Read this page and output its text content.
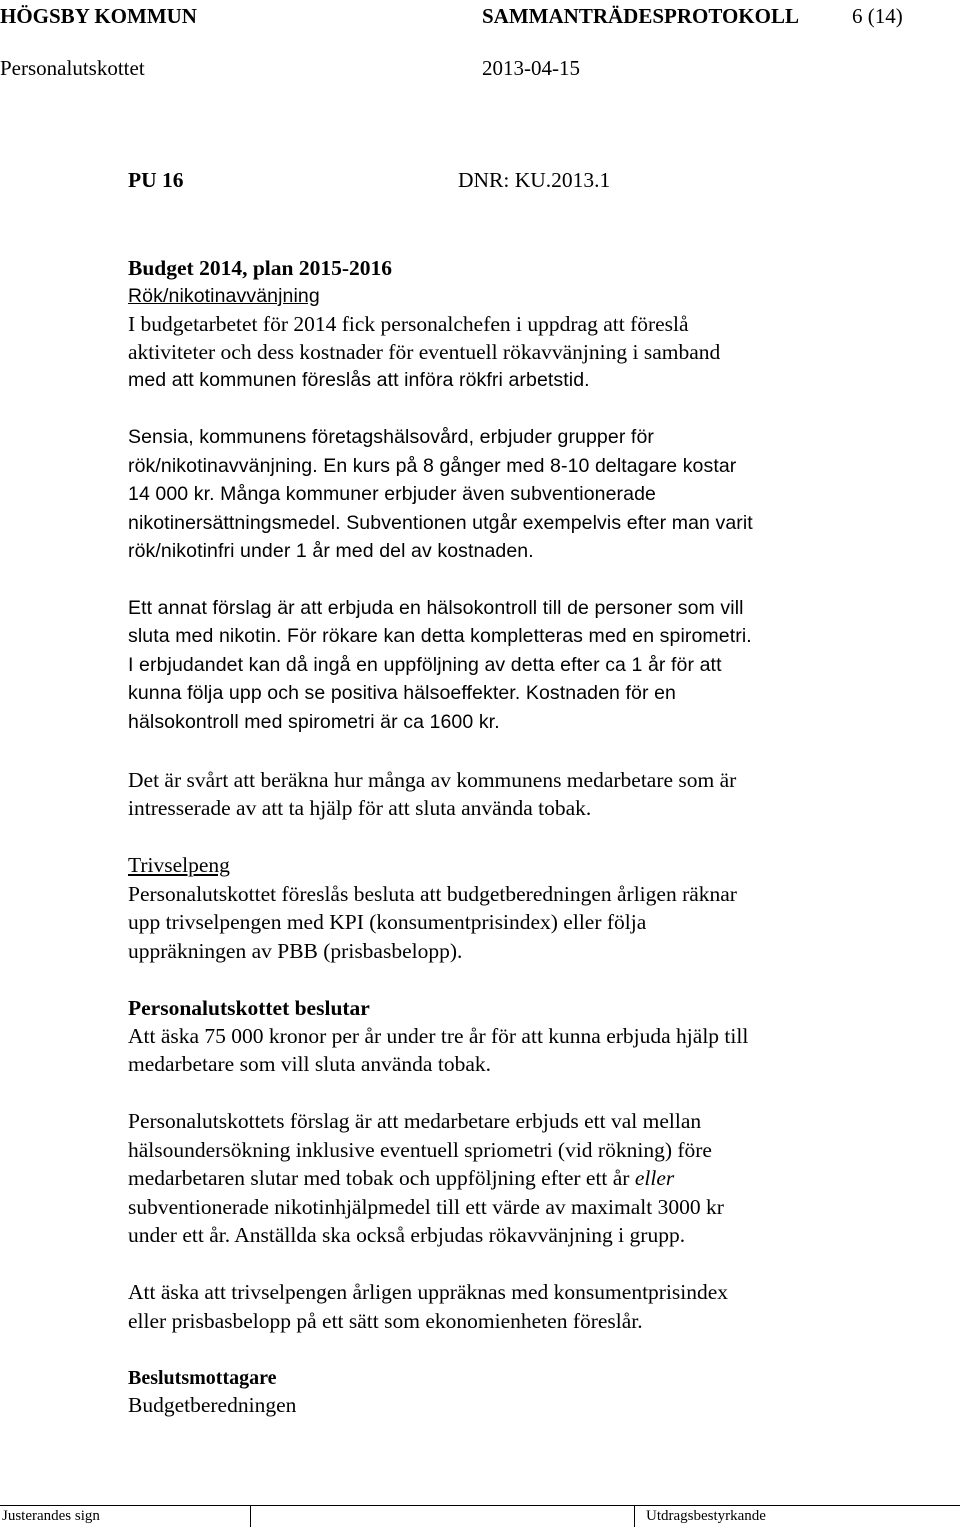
HÖGSBY KOMMUN	SAMMANTRÄDESPROTOKOLL	6 (14)
Personalutskottet	2013-04-15
PU 16	DNR: KU.2013.1
Budget 2014, plan 2015-2016
Rök/nikotinavvänjning
I budgetarbetet för 2014 fick personalchefen i uppdrag att föreslå
aktiviteter och dess kostnader för eventuell rökavvänjning i samband
med att kommunen föreslås att införa rökfri arbetstid.
Sensia, kommunens företagshälsovård, erbjuder grupper för
rök/nikotinavvänjning. En kurs på 8 gånger med 8-10 deltagare kostar
14 000 kr. Många kommuner erbjuder även subventionerade
nikotinersättningsmedel. Subventionen utgår exempelvis efter man varit
rök/nikotinfri under 1 år med del av kostnaden.
Ett annat förslag är att erbjuda en hälsokontroll till de personer som vill
sluta med nikotin. För rökare kan detta kompletteras med en spirometri.
I erbjudandet kan då ingå en uppföljning av detta efter ca 1 år för att
kunna följa upp och se positiva hälsoeffekter. Kostnaden för en
hälsokontroll med spirometri är ca 1600 kr.
Det är svårt att beräkna hur många av kommunens medarbetare som är
intresserade av att ta hjälp för att sluta använda tobak.
Trivselpeng
Personalutskottet föreslås besluta att budgetberedningen årligen räknar
upp trivselpengen med KPI (konsumentprisindex) eller följa
uppräkningen av PBB (prisbasbelopp).
Personalutskottet beslutar
Att äska 75 000 kronor per år under tre år för att kunna erbjuda hjälp till
medarbetare som vill sluta använda tobak.
Personalutskottets förslag är att medarbetare erbjuds ett val mellan
hälsoundersökning inklusive eventuell spriometri (vid rökning) före
medarbetaren slutar med tobak och uppföljning efter ett år eller
subventionerade nikotinhjälpmedel till ett värde av maximalt 3000 kr
under ett år. Anställda ska också erbjudas rökavvänjning i grupp.
Att äska att trivselpengen årligen uppräknas med konsumentprisindex
eller prisbasbelopp på ett sätt som ekonomienheten föreslår.
Beslutsmottagare
Budgetberedningen
Justerandes sign	Utdragsbestyrkande
